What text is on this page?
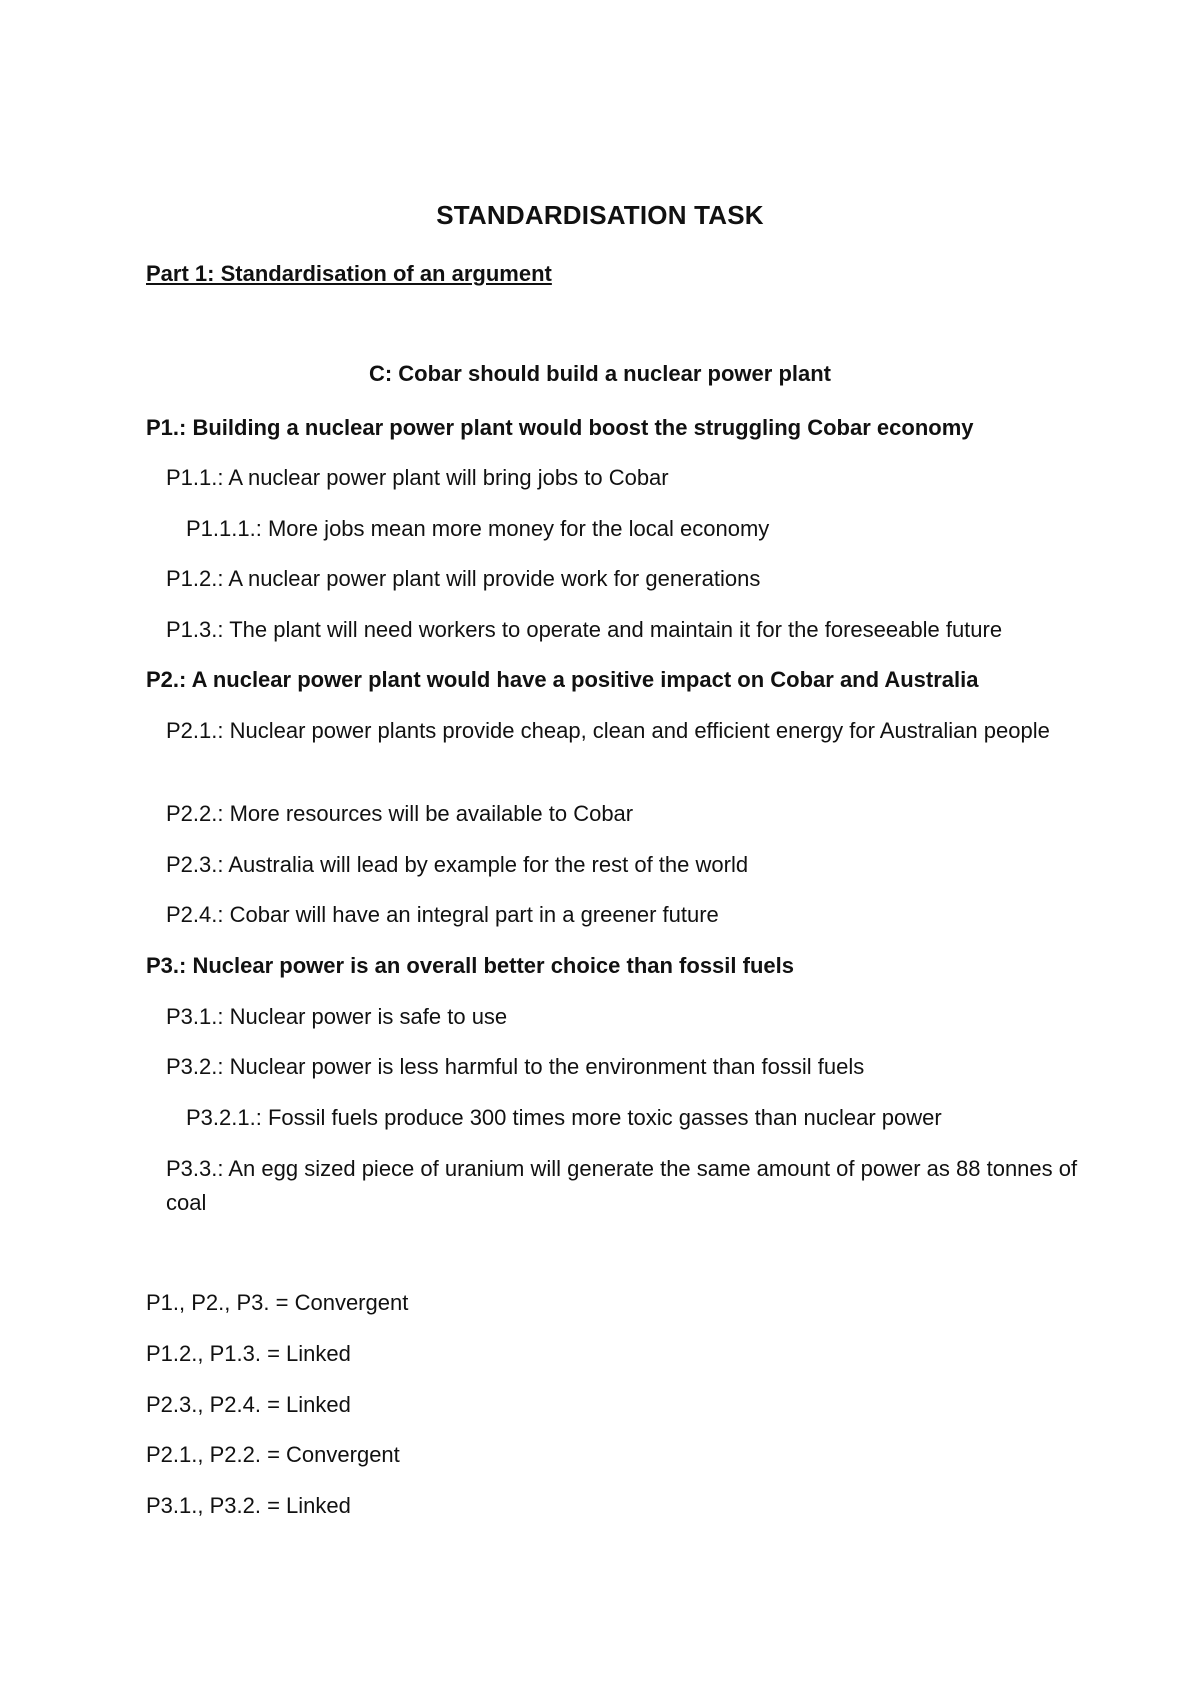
STANDARDISATION TASK
Part 1: Standardisation of an argument
C: Cobar should build a nuclear power plant
P1.: Building a nuclear power plant would boost the struggling Cobar economy
P1.1.: A nuclear power plant will bring jobs to Cobar
P1.1.1.: More jobs mean more money for the local economy
P1.2.: A nuclear power plant will provide work for generations
P1.3.: The plant will need workers to operate and maintain it for the foreseeable future
P2.: A nuclear power plant would have a positive impact on Cobar and Australia
P2.1.: Nuclear power plants provide cheap, clean and efficient energy for Australian people
P2.2.: More resources will be available to Cobar
P2.3.: Australia will lead by example for the rest of the world
P2.4.: Cobar will have an integral part in a greener future
P3.: Nuclear power is an overall better choice than fossil fuels
P3.1.: Nuclear power is safe to use
P3.2.: Nuclear power is less harmful to the environment than fossil fuels
P3.2.1.: Fossil fuels produce 300 times more toxic gasses than nuclear power
P3.3.: An egg sized piece of uranium will generate the same amount of power as 88 tonnes of coal
P1., P2., P3. = Convergent
P1.2., P1.3. = Linked
P2.3., P2.4. = Linked
P2.1., P2.2. = Convergent
P3.1., P3.2. = Linked
